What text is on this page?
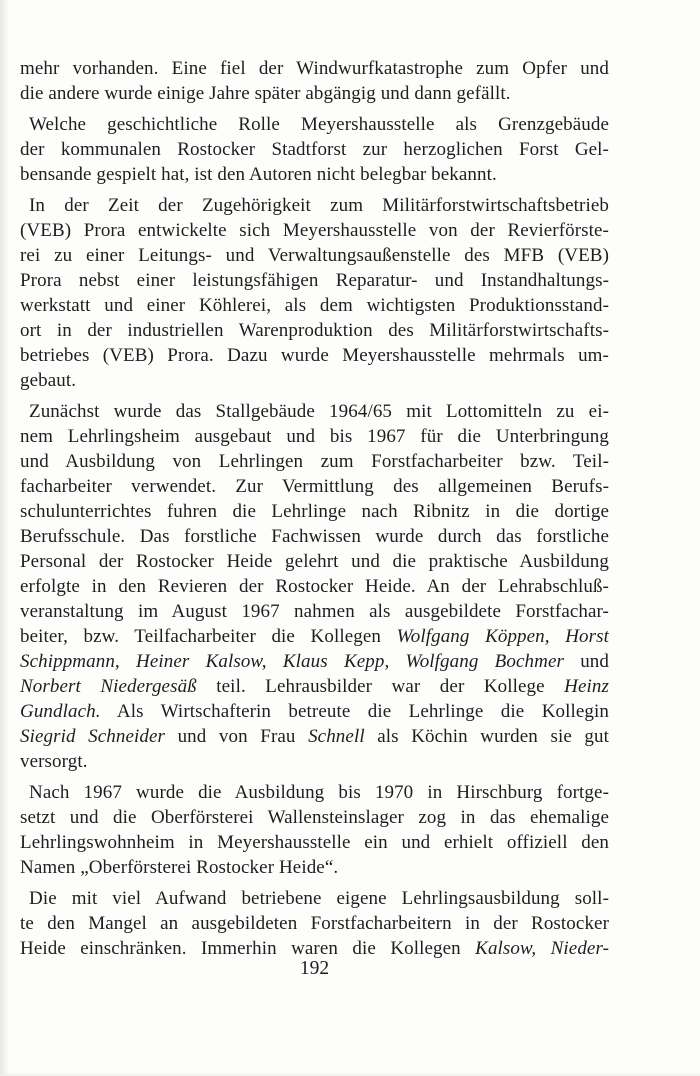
mehr vorhanden. Eine fiel der Windwurfkatastrophe zum Opfer und
die andere wurde einige Jahre später abgängig und dann gefällt.
Welche geschichtliche Rolle Meyershausstelle als Grenzgebäude
der kommunalen Rostocker Stadtforst zur herzoglichen Forst Gel-
bensande gespielt hat, ist den Autoren nicht belegbar bekannt.
In der Zeit der Zugehörigkeit zum Militärforstwirtschaftsbetrieb
(VEB) Prora entwickelte sich Meyershausstelle von der Revierförste-
rei zu einer Leitungs- und Verwaltungsaußenstelle des MFB (VEB)
Prora nebst einer leistungsfähigen Reparatur- und Instandhaltungs-
werkstatt und einer Köhlerei, als dem wichtigsten Produktionsstand-
ort in der industriellen Warenproduktion des Militärforstwirtschafts-
betriebes (VEB) Prora. Dazu wurde Meyershausstelle mehrmals um-
gebaut.
Zunächst wurde das Stallgebäude 1964/65 mit Lottomitteln zu ei-
nem Lehrlingsheim ausgebaut und bis 1967 für die Unterbringung
und Ausbildung von Lehrlingen zum Forstfacharbeiter bzw. Teil-
facharbeiter verwendet. Zur Vermittlung des allgemeinen Berufs-
schulunterrichtes fuhren die Lehrlinge nach Ribnitz in die dortige
Berufsschule. Das forstliche Fachwissen wurde durch das forstliche
Personal der Rostocker Heide gelehrt und die praktische Ausbildung
erfolgte in den Revieren der Rostocker Heide. An der Lehrabschluß-
veranstaltung im August 1967 nahmen als ausgebildete Forstfachar-
beiter, bzw. Teilfacharbeiter die Kollegen Wolfgang Köppen, Horst
Schippmann, Heiner Kalsow, Klaus Kepp, Wolfgang Bochmer und
Norbert Niedergesäß teil. Lehrausbilder war der Kollege Heinz
Gundlach. Als Wirtschafterin betreute die Lehrlinge die Kollegin
Siegrid Schneider und von Frau Schnell als Köchin wurden sie gut
versorgt.
Nach 1967 wurde die Ausbildung bis 1970 in Hirschburg fortge-
setzt und die Oberförsterei Wallensteinslager zog in das ehemalige
Lehrlingswohnheim in Meyershausstelle ein und erhielt offiziell den
Namen „Oberförsterei Rostocker Heide“.
Die mit viel Aufwand betriebene eigene Lehrlingsausbildung soll-
te den Mangel an ausgebildeten Forstfacharbeitern in der Rostocker
Heide einschränken. Immerhin waren die Kollegen Kalsow, Nieder-
192
